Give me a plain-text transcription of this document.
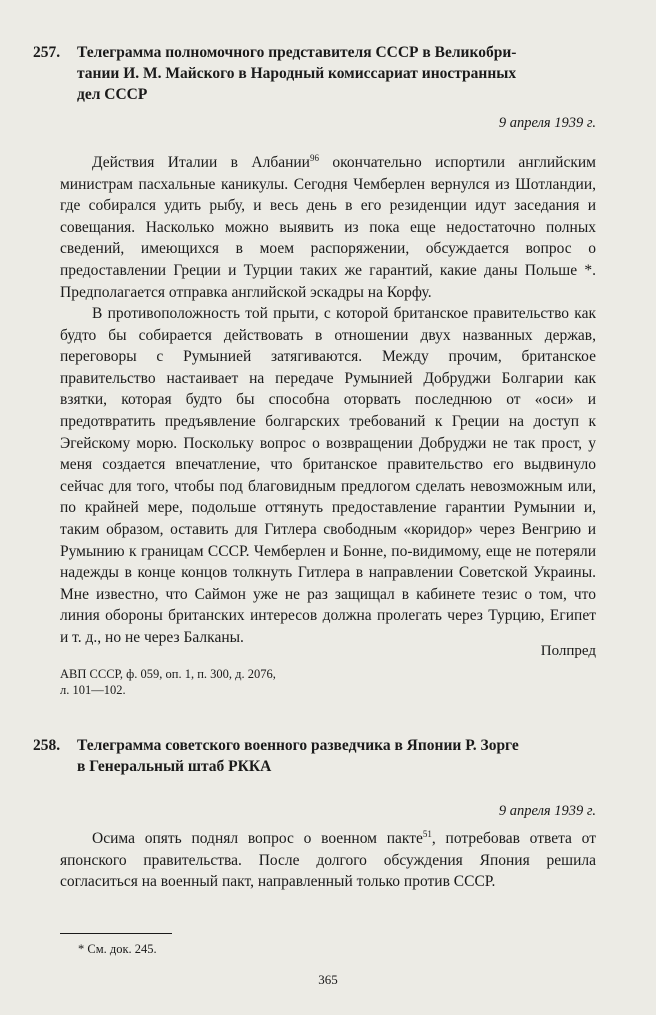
257. Телеграмма полномочного представителя СССР в Великобри-
тании И. М. Майского в Народный комиссариат иностранных
дел СССР
9 апреля 1939 г.

Действия Италии в Албании$^{96}$ окончательно испортили английским министрам пасхальные каникулы. Сегодня Чемберлен вернулся из Шотландии, где собирался удить рыбу, и весь день в его резиденции идут заседания и совещания. Насколько можно выявить из пока еще недостаточно полных сведений, имеющихся в моем распоряжении, обсуждается вопрос о предоставлении Греции и Турции таких же гарантий, какие даны Польше *. Предполагается отправка английской эскадры на Корфу.

В противоположность той прыти, с которой британское правительство как будто бы собирается действовать в отношении двух названных держав, переговоры с Румынией затягиваются. Между прочим, британское правительство настаивает на передаче Румынией Добруджи Болгарии как взятки, которая будто бы способна оторвать последнюю от «оси» и предотвратить предъявление болгарских требований к Греции на доступ к Эгейскому морю. Поскольку вопрос о возвращении Добруджи не так прост, у меня создается впечатление, что британское правительство его выдвинуло сейчас для того, чтобы под благовидным предлогом сделать невозможным или, по крайней мере, подольше оттянуть предоставление гарантии Румынии и, таким образом, оставить для Гитлера свободным «коридор» через Венгрию и Румынию к границам СССР. Чемберлен и Бонне, по-видимому, еще не потеряли надежды в конце концов толкнуть Гитлера в направлении Советской Украины. Мне известно, что Саймон уже не раз защищал в кабинете тезис о том, что линия обороны британских интересов должна пролегать через Турцию, Египет и т. д., но не через Балканы.

Полпред
АВП СССР, ф. 059, оп. 1, п. 300, д. 2076,
л. 101—102.
258. Телеграмма советского военного разведчика в Японии Р. Зорге
в Генеральный штаб РККА
9 апреля 1939 г.

Осима опять поднял вопрос о военном пакте$^{51}$, потребовав ответа от японского правительства. После долгого обсуждения Япония решила согласиться на военный пакт, направленный только против СССР.

* См. док. 245.
365
